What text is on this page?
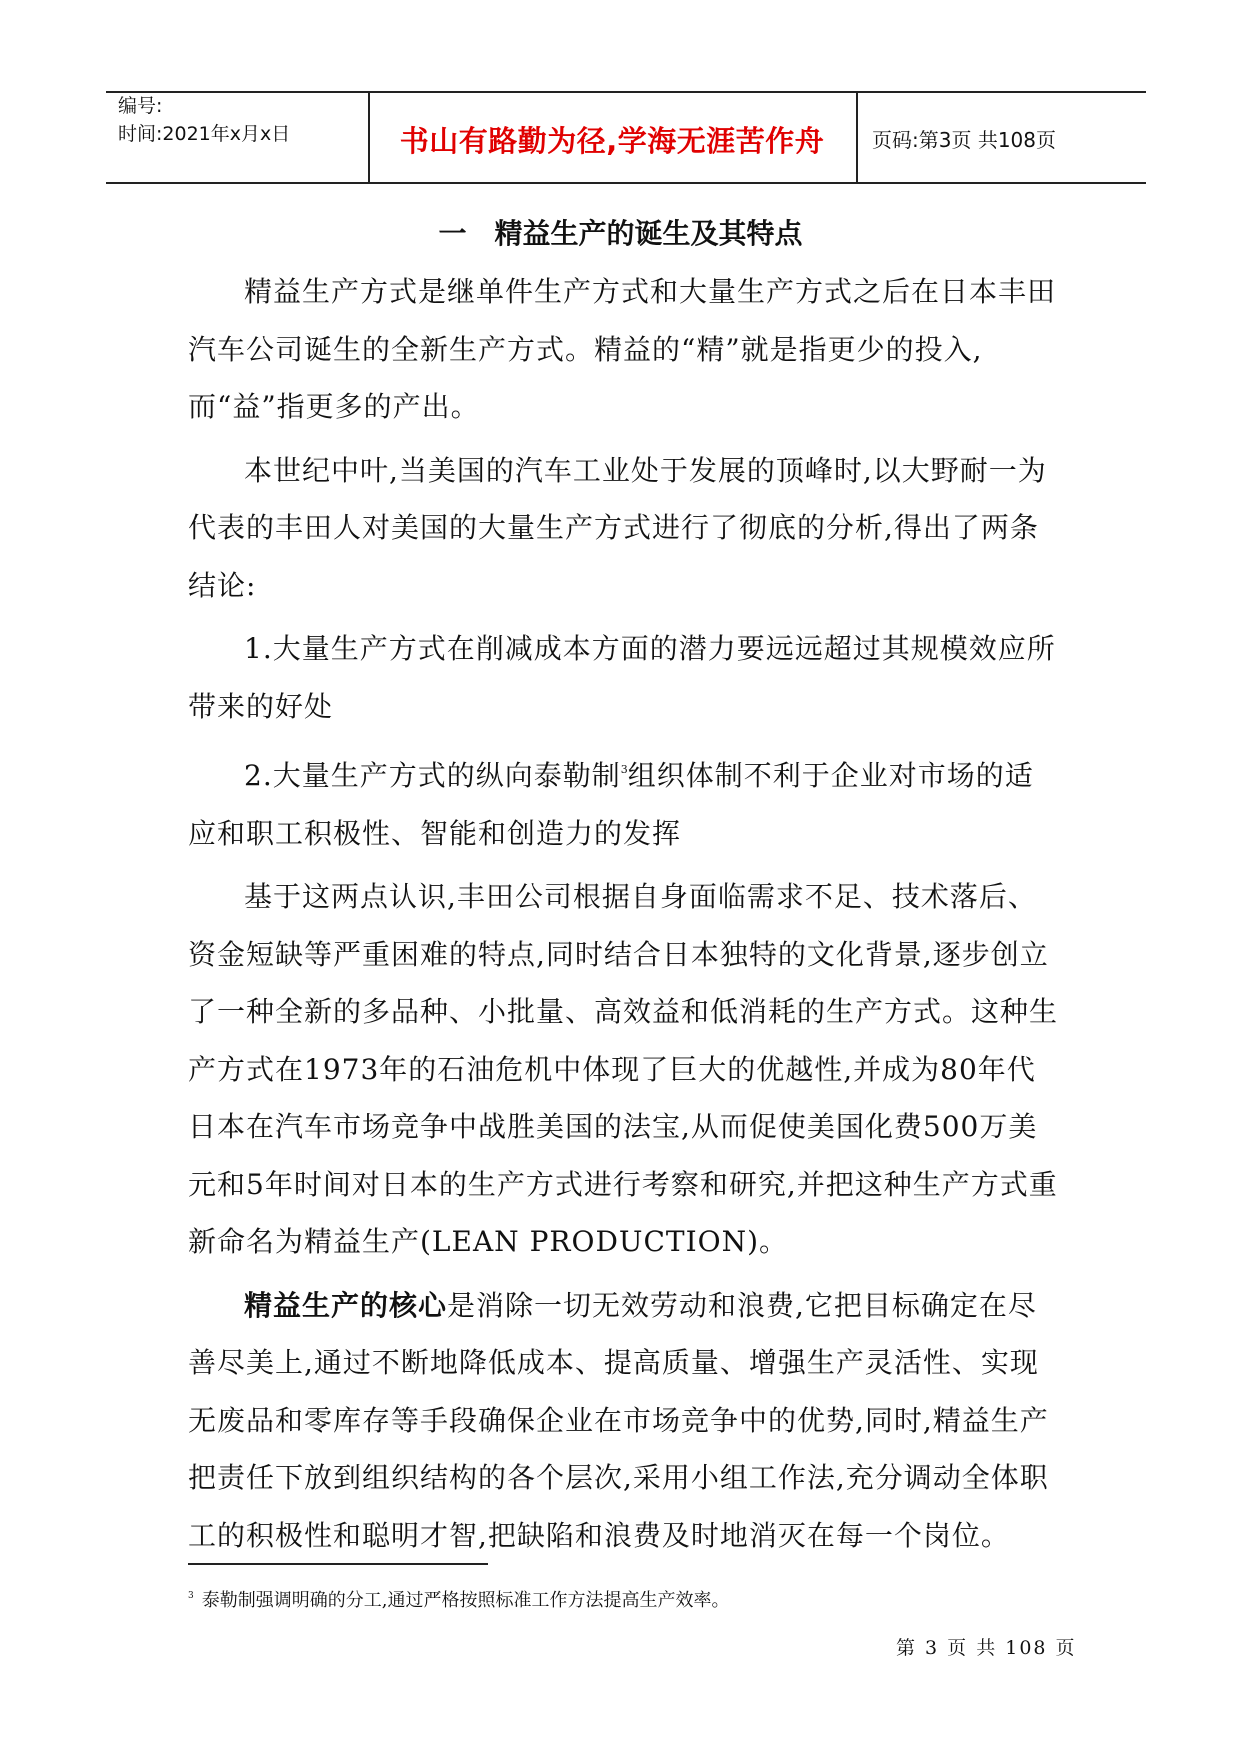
编号:
时间:2021年x月x日	书山有路勤为径,学海无涯苦作舟	页码:第3页 共108页
一　精益生产的诞生及其特点

精益生产方式是继单件生产方式和大量生产方式之后在日本丰田汽车公司诞生的全新生产方式。精益的“精”就是指更少的投入,而“益”指更多的产出。

本世纪中叶,当美国的汽车工业处于发展的顶峰时,以大野耐一为代表的丰田人对美国的大量生产方式进行了彻底的分析,得出了两条结论:

1.大量生产方式在削减成本方面的潜力要远远超过其规模效应所带来的好处

2.大量生产方式的纵向泰勒制$^3$组织体制不利于企业对市场的适应和职工积极性、智能和创造力的发挥

基于这两点认识,丰田公司根据自身面临需求不足、技术落后、资金短缺等严重困难的特点,同时结合日本独特的文化背景,逐步创立了一种全新的多品种、小批量、高效益和低消耗的生产方式。这种生产方式在1973年的石油危机中体现了巨大的优越性,并成为80年代日本在汽车市场竞争中战胜美国的法宝,从而促使美国化费500万美元和5年时间对日本的生产方式进行考察和研究,并把这种生产方式重新命名为精益生产(LEAN PRODUCTION)。

精益生产的核心是消除一切无效劳动和浪费,它把目标确定在尽善尽美上,通过不断地降低成本、提高质量、增强生产灵活性、实现无废品和零库存等手段确保企业在市场竞争中的优势,同时,精益生产把责任下放到组织结构的各个层次,采用小组工作法,充分调动全体职工的积极性和聪明才智,把缺陷和浪费及时地消灭在每一个岗位。

$^3$ 泰勒制强调明确的分工,通过严格按照标准工作方法提高生产效率。
第 3 页 共 108 页
